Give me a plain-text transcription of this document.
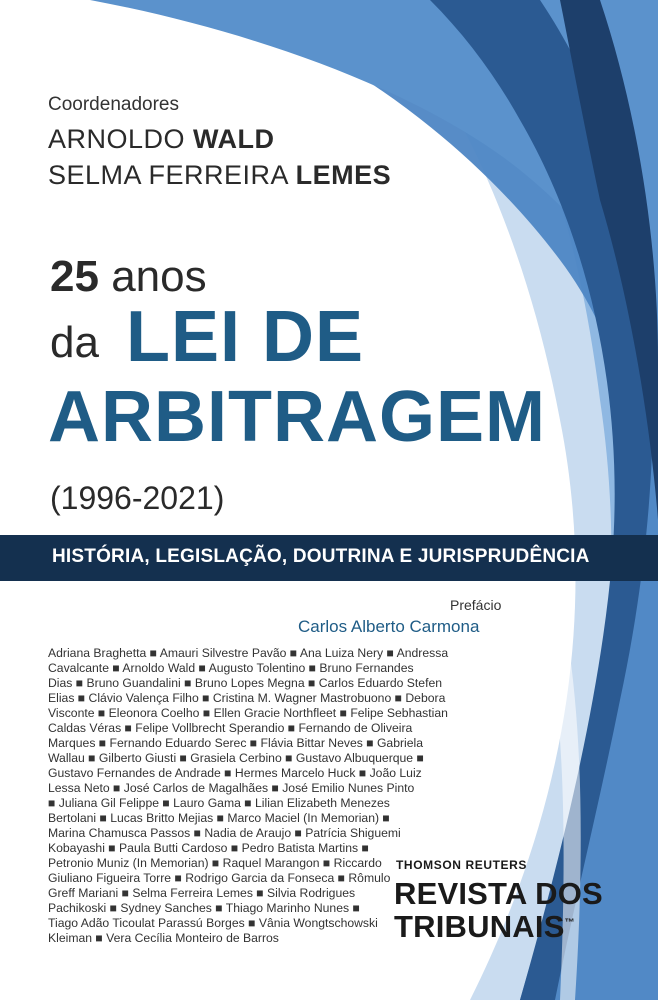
Coordenadores
ARNOLDO WALD
SELMA FERREIRA LEMES
25 anos
da LEI DE
ARBITRAGEM
(1996-2021)
HISTÓRIA, LEGISLAÇÃO, DOUTRINA E JURISPRUDÊNCIA
Prefácio
Carlos Alberto Carmona
Adriana Braghetta ■ Amauri Silvestre Pavão ■ Ana Luiza Nery ■ Andressa
Cavalcante ■ Arnoldo Wald ■ Augusto Tolentino ■ Bruno Fernandes
Dias ■ Bruno Guandalini ■ Bruno Lopes Megna ■ Carlos Eduardo Stefen
Elias ■ Clávio Valença Filho ■ Cristina M. Wagner Mastrobuono ■ Debora
Visconte ■ Eleonora Coelho ■ Ellen Gracie Northfleet ■ Felipe Sebhastian
Caldas Véras ■ Felipe Vollbrecht Sperandio ■ Fernando de Oliveira
Marques ■ Fernando Eduardo Serec ■ Flávia Bittar Neves ■ Gabriela
Wallau ■ Gilberto Giusti ■ Grasiela Cerbino ■ Gustavo Albuquerque ■
Gustavo Fernandes de Andrade ■ Hermes Marcelo Huck ■ João Luiz
Lessa Neto ■ José Carlos de Magalhães ■ José Emilio Nunes Pinto
■ Juliana Gil Felippe ■ Lauro Gama ■ Lilian Elizabeth Menezes
Bertolani ■ Lucas Britto Mejias ■ Marco Maciel (In Memorian) ■
Marina Chamusca Passos ■ Nadia de Araujo ■ Patrícia Shiguemi
Kobayashi ■ Paula Butti Cardoso ■ Pedro Batista Martins ■
Petronio Muniz (In Memorian) ■ Raquel Marangon ■ Riccardo
Giuliano Figueira Torre ■ Rodrigo Garcia da Fonseca ■ Rômulo
Greff Mariani ■ Selma Ferreira Lemes ■ Silvia Rodrigues
Pachikoski ■ Sydney Sanches ■ Thiago Marinho Nunes ■
Tiago Adão Ticoulat Parassú Borges ■ Vânia Wongtschowski
Kleiman ■ Vera Cecília Monteiro de Barros
THOMSON REUTERS
REVISTA DOS
TRIBUNAIS™
